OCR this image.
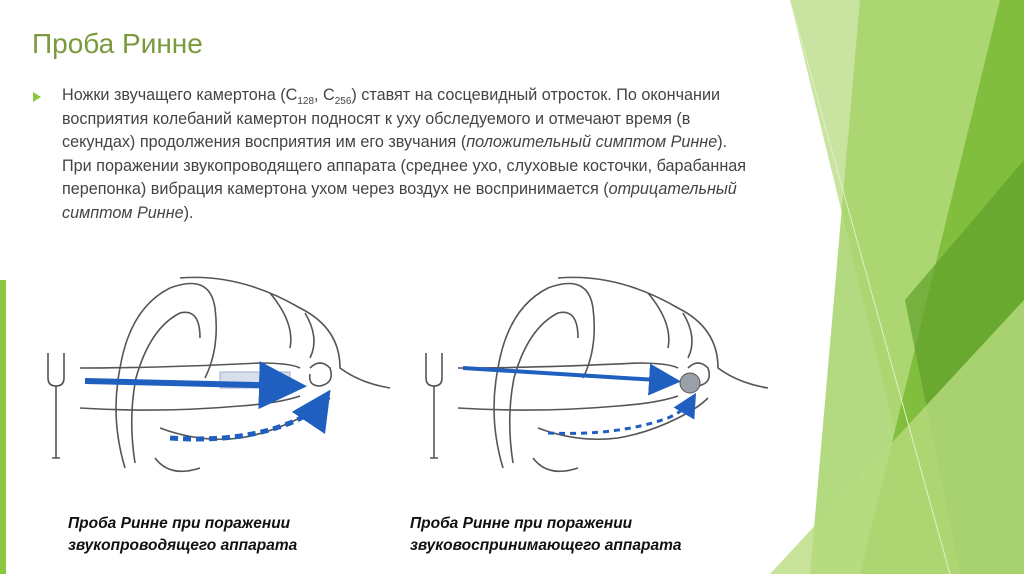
Проба Ринне
Ножки звучащего камертона ($С_{128}$, $С_{256}$) ставят на сосцевидный отросток. По окончании восприятия колебаний камертон подносят к уху обследуемого и отмечают время (в секундах) продолжения восприятия им его звучания (положительный симптом Ринне). При поражении звукопроводящего аппарата (среднее ухо, слуховые косточки, барабанная перепонка) вибрация камертона ухом через воздух не воспринимается (отрицательный симптом Ринне).
Проба Ринне при поражении
звукопроводящего аппарата
Проба Ринне при поражении
звуковоспринимающего аппарата
